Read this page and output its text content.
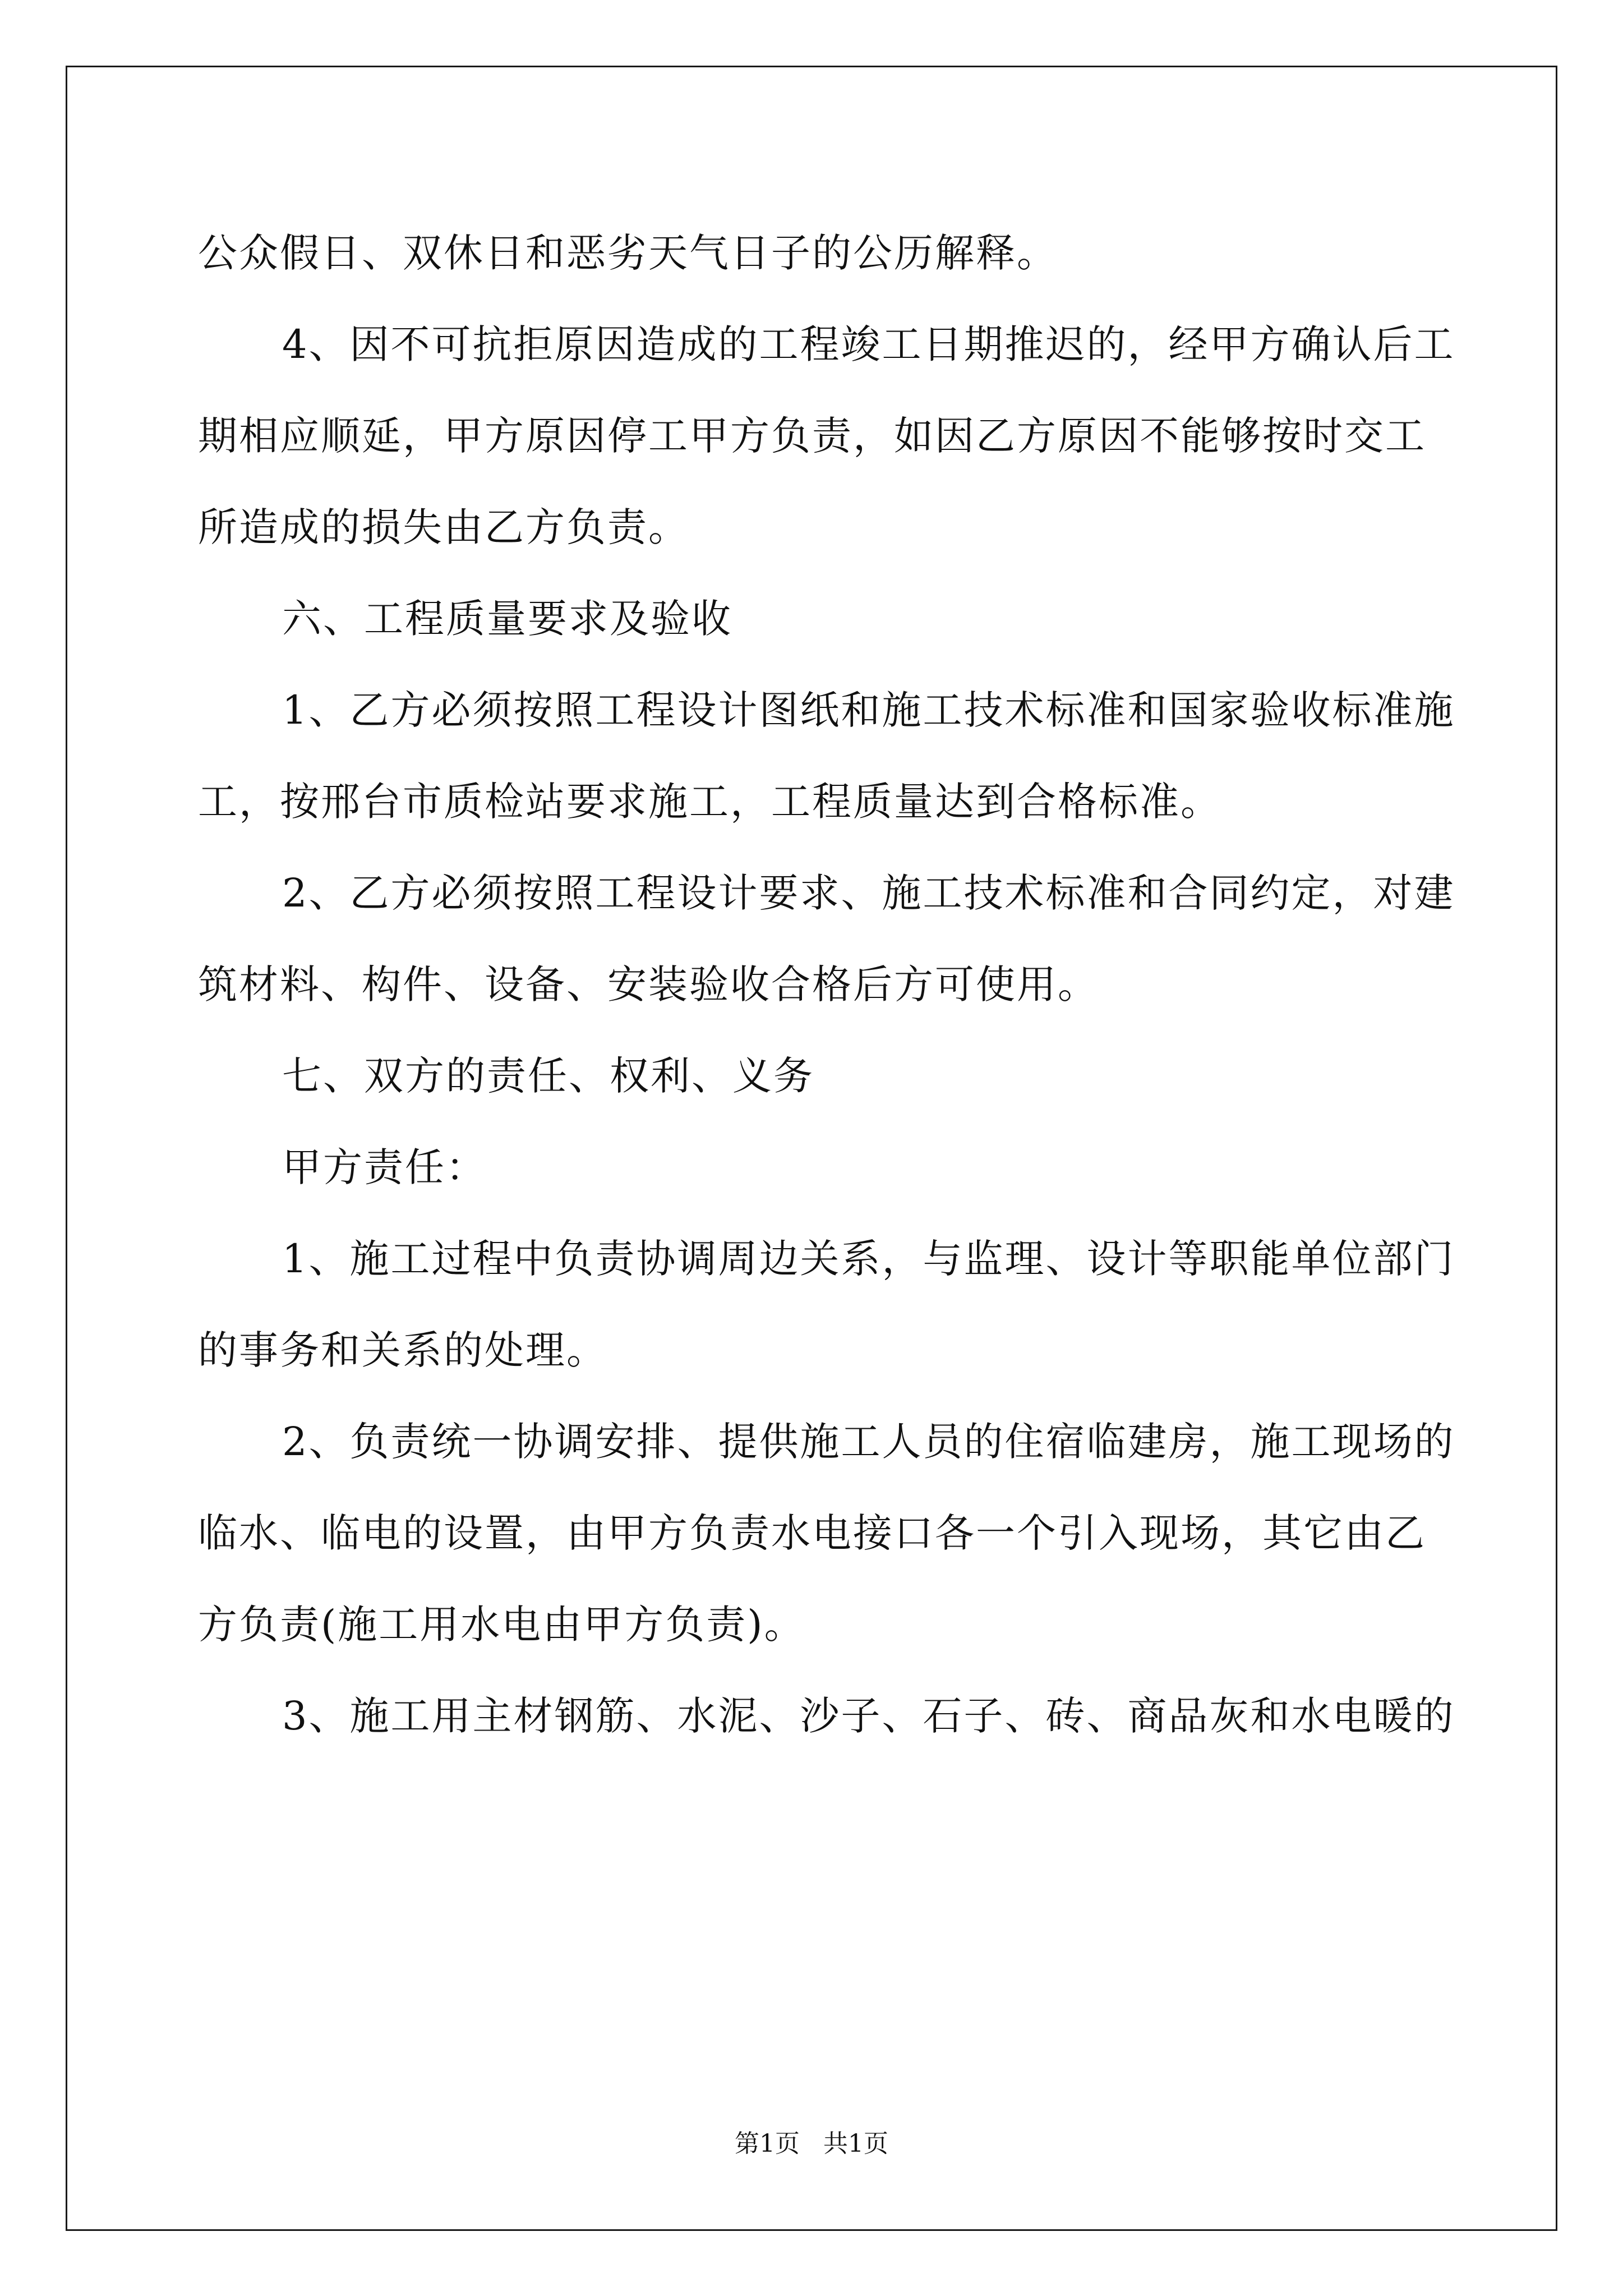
公众假日、双休日和恶劣天气日子的公历解释。

4、因不可抗拒原因造成的工程竣工日期推迟的，经甲方确认后工

期相应顺延，甲方原因停工甲方负责，如因乙方原因不能够按时交工

所造成的损失由乙方负责。

六、工程质量要求及验收

1、乙方必须按照工程设计图纸和施工技术标准和国家验收标准施

工，按邢台市质检站要求施工，工程质量达到合格标准。

2、乙方必须按照工程设计要求、施工技术标准和合同约定，对建

筑材料、构件、设备、安装验收合格后方可使用。

七、双方的责任、权利、义务

甲方责任：

1、施工过程中负责协调周边关系，与监理、设计等职能单位部门

的事务和关系的处理。

2、负责统一协调安排、提供施工人员的住宿临建房，施工现场的

临水、临电的设置，由甲方负责水电接口各一个引入现场，其它由乙

方负责(施工用水电由甲方负责)。

3、施工用主材钢筋、水泥、沙子、石子、砖、商品灰和水电暖的

第1页 共1页
